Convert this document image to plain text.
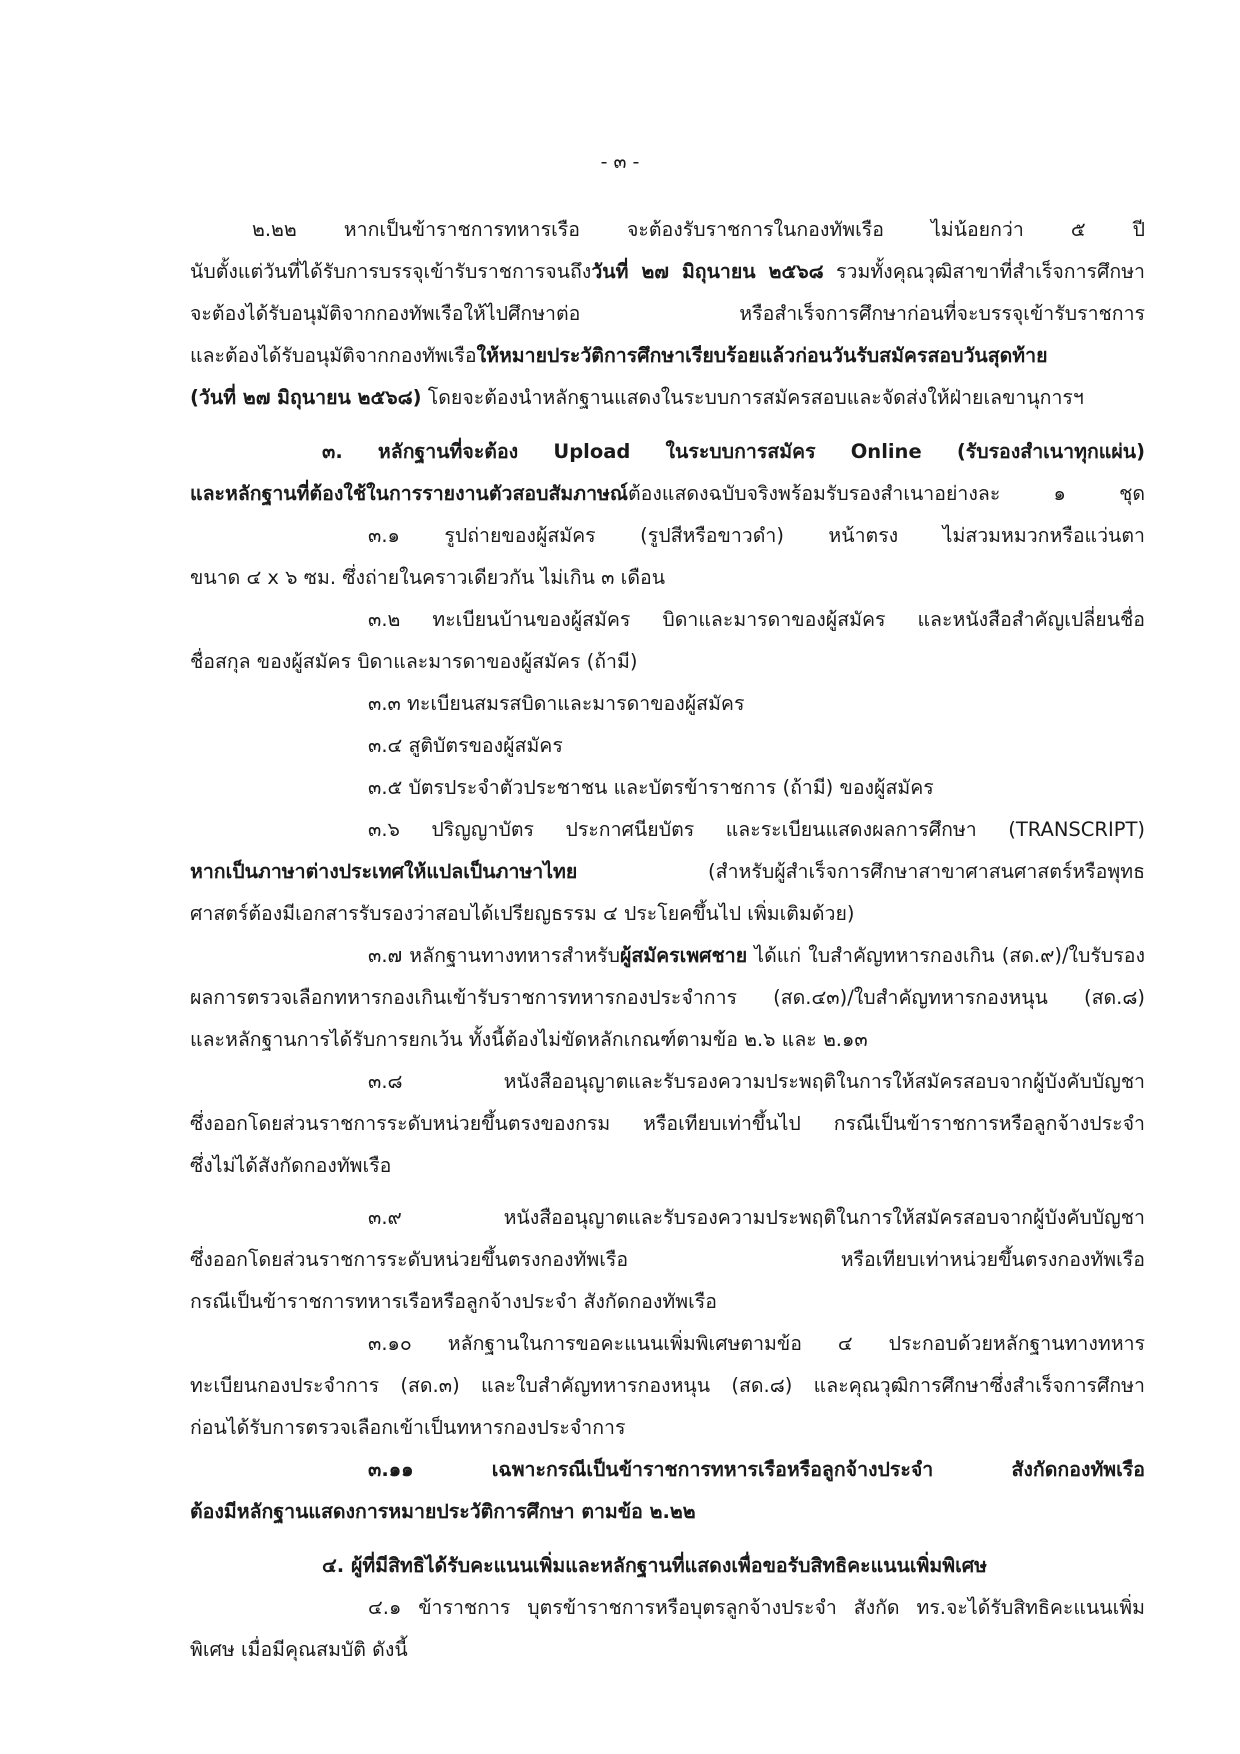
- ๓ -
๒.๒๒ หากเป็นข้าราชการทหารเรือ จะต้องรับราชการในกองทัพเรือ ไม่น้อยกว่า ๕ ปี
นับตั้งแต่วันที่ได้รับการบรรจุเข้ารับราชการจนถึงวันที่ ๒๗ มิถุนายน ๒๕๖๘ รวมทั้งคุณวุฒิสาขาที่สำเร็จการศึกษา
จะต้องได้รับอนุมัติจากกองทัพเรือให้ไปศึกษาต่อ หรือสำเร็จการศึกษาก่อนที่จะบรรจุเข้ารับราชการ
และต้องได้รับอนุมัติจากกองทัพเรือให้หมายประวัติการศึกษาเรียบร้อยแล้วก่อนวันรับสมัครสอบวันสุดท้าย
(วันที่ ๒๗ มิถุนายน ๒๕๖๘) โดยจะต้องนำหลักฐานแสดงในระบบการสมัครสอบและจัดส่งให้ฝ่ายเลขานุการฯ
๓. หลักฐานที่จะต้อง Upload ในระบบการสมัคร Online (รับรองสำเนาทุกแผ่น)
และหลักฐานที่ต้องใช้ในการรายงานตัวสอบสัมภาษณ์ต้องแสดงฉบับจริงพร้อมรับรองสำเนาอย่างละ ๑ ชุด
๓.๑ รูปถ่ายของผู้สมัคร (รูปสีหรือขาวดำ) หน้าตรง ไม่สวมหมวกหรือแว่นตา
ขนาด ๔ x ๖ ซม. ซึ่งถ่ายในคราวเดียวกัน ไม่เกิน ๓ เดือน
๓.๒ ทะเบียนบ้านของผู้สมัคร บิดาและมารดาของผู้สมัคร และหนังสือสำคัญเปลี่ยนชื่อ
ชื่อสกุล ของผู้สมัคร บิดาและมารดาของผู้สมัคร (ถ้ามี)
๓.๓ ทะเบียนสมรสบิดาและมารดาของผู้สมัคร
๓.๔ สูติบัตรของผู้สมัคร
๓.๕ บัตรประจำตัวประชาชน และบัตรข้าราชการ (ถ้ามี) ของผู้สมัคร
๓.๖ ปริญญาบัตร ประกาศนียบัตร และระเบียนแสดงผลการศึกษา (TRANSCRIPT)
หากเป็นภาษาต่างประเทศให้แปลเป็นภาษาไทย (สำหรับผู้สำเร็จการศึกษาสาขาศาสนศาสตร์หรือพุทธ
ศาสตร์ต้องมีเอกสารรับรองว่าสอบได้เปรียญธรรม ๔ ประโยคขึ้นไป เพิ่มเติมด้วย)
๓.๗ หลักฐานทางทหารสำหรับผู้สมัครเพศชาย ได้แก่ ใบสำคัญทหารกองเกิน (สด.๙)/ใบรับรอง
ผลการตรวจเลือกทหารกองเกินเข้ารับราชการทหารกองประจำการ (สด.๔๓)/ใบสำคัญทหารกองหนุน (สด.๘)
และหลักฐานการได้รับการยกเว้น ทั้งนี้ต้องไม่ขัดหลักเกณฑ์ตามข้อ ๒.๖ และ ๒.๑๓
๓.๘ หนังสืออนุญาตและรับรองความประพฤติในการให้สมัครสอบจากผู้บังคับบัญชา
ซึ่งออกโดยส่วนราชการระดับหน่วยขึ้นตรงของกรม หรือเทียบเท่าขึ้นไป กรณีเป็นข้าราชการหรือลูกจ้างประจำ
ซึ่งไม่ได้สังกัดกองทัพเรือ
๓.๙ หนังสืออนุญาตและรับรองความประพฤติในการให้สมัครสอบจากผู้บังคับบัญชา
ซึ่งออกโดยส่วนราชการระดับหน่วยขึ้นตรงกองทัพเรือ หรือเทียบเท่าหน่วยขึ้นตรงกองทัพเรือ
กรณีเป็นข้าราชการทหารเรือหรือลูกจ้างประจำ สังกัดกองทัพเรือ
๓.๑๐ หลักฐานในการขอคะแนนเพิ่มพิเศษตามข้อ ๔ ประกอบด้วยหลักฐานทางทหาร
ทะเบียนกองประจำการ (สด.๓) และใบสำคัญทหารกองหนุน (สด.๘) และคุณวุฒิการศึกษาซึ่งสำเร็จการศึกษา
ก่อนได้รับการตรวจเลือกเข้าเป็นทหารกองประจำการ
๓.๑๑ เฉพาะกรณีเป็นข้าราชการทหารเรือหรือลูกจ้างประจำ สังกัดกองทัพเรือ
ต้องมีหลักฐานแสดงการหมายประวัติการศึกษา ตามข้อ ๒.๒๒
๔. ผู้ที่มีสิทธิได้รับคะแนนเพิ่มและหลักฐานที่แสดงเพื่อขอรับสิทธิคะแนนเพิ่มพิเศษ
๔.๑ ข้าราชการ บุตรข้าราชการหรือบุตรลูกจ้างประจำ สังกัด ทร.จะได้รับสิทธิคะแนนเพิ่ม
พิเศษ เมื่อมีคุณสมบัติ ดังนี้
